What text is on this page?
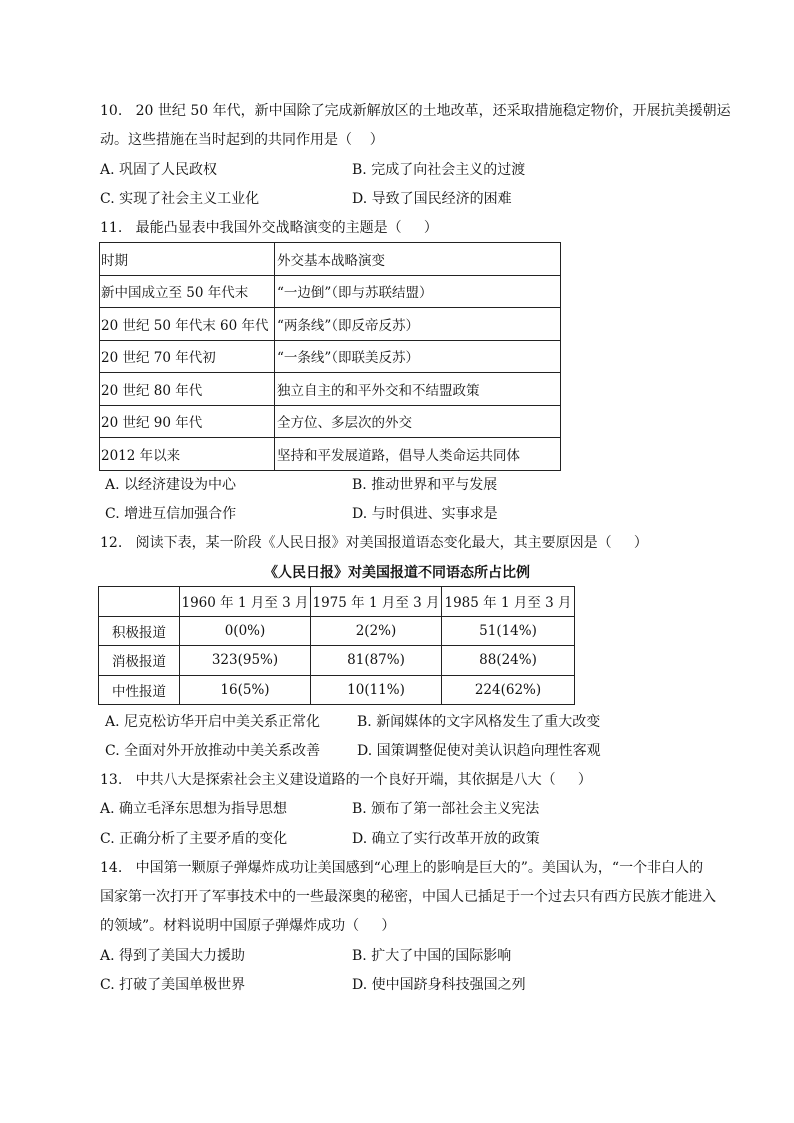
10.   20 世纪 50 年代，新中国除了完成新解放区的土地改革，还采取措施稳定物价，开展抗美援朝运
动。这些措施在当时起到的共同作用是（    ）
A. 巩固了人民政权	B. 完成了向社会主义的过渡
C. 实现了社会主义工业化	D. 导致了国民经济的困难
11.   最能凸显表中我国外交战略演变的主题是（     ）
时期	外交基本战略演变
新中国成立至 50 年代末	“一边倒”（即与苏联结盟）
20 世纪 50 年代末 60 年代	“两条线”（即反帝反苏）
20 世纪 70 年代初	“一条线”（即联美反苏）
20 世纪 80 年代	独立自主的和平外交和不结盟政策
20 世纪 90 年代	全方位、多层次的外交
2012 年以来	坚持和平发展道路，倡导人类命运共同体
A. 以经济建设为中心	B. 推动世界和平与发展
C. 增进互信加强合作	D. 与时俱进、实事求是
12.   阅读下表，某一阶段《人民日报》对美国报道语态变化最大，其主要原因是（     ）
《人民日报》对美国报道不同语态所占比例
	1960 年 1 月至 3 月	1975 年 1 月至 3 月	1985 年 1 月至 3 月
积极报道	0(0%)	2(2%)	51(14%)
消极报道	323(95%)	81(87%)	88(24%)
中性报道	16(5%)	10(11%)	224(62%)
A. 尼克松访华开启中美关系正常化	B. 新闻媒体的文字风格发生了重大改变
C. 全面对外开放推动中美关系改善	D. 国策调整促使对美认识趋向理性客观
13.   中共八大是探索社会主义建设道路的一个良好开端，其依据是八大（     ）
A. 确立毛泽东思想为指导思想	B. 颁布了第一部社会主义宪法
C. 正确分析了主要矛盾的变化	D. 确立了实行改革开放的政策
14.   中国第一颗原子弹爆炸成功让美国感到“心理上的影响是巨大的”。美国认为，“一个非白人的
国家第一次打开了军事技术中的一些最深奥的秘密，中国人已插足于一个过去只有西方民族才能进入
的领域”。材料说明中国原子弹爆炸成功（     ）
A. 得到了美国大力援助	B. 扩大了中国的国际影响
C. 打破了美国单极世界	D. 使中国跻身科技强国之列
